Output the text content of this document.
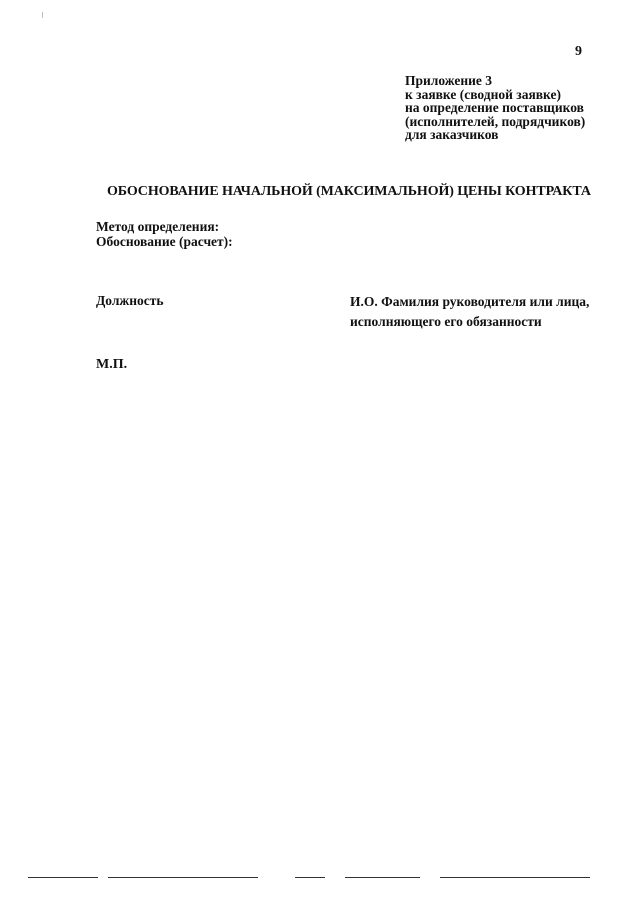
9
Приложение 3
к заявке (сводной заявке)
на определение поставщиков
(исполнителей, подрядчиков)
для заказчиков
ОБОСНОВАНИЕ НАЧАЛЬНОЙ (МАКСИМАЛЬНОЙ) ЦЕНЫ КОНТРАКТА
Метод определения:
Обоснование (расчет):
Должность	И.О. Фамилия руководителя или лица,
исполняющего его обязанности
М.П.
